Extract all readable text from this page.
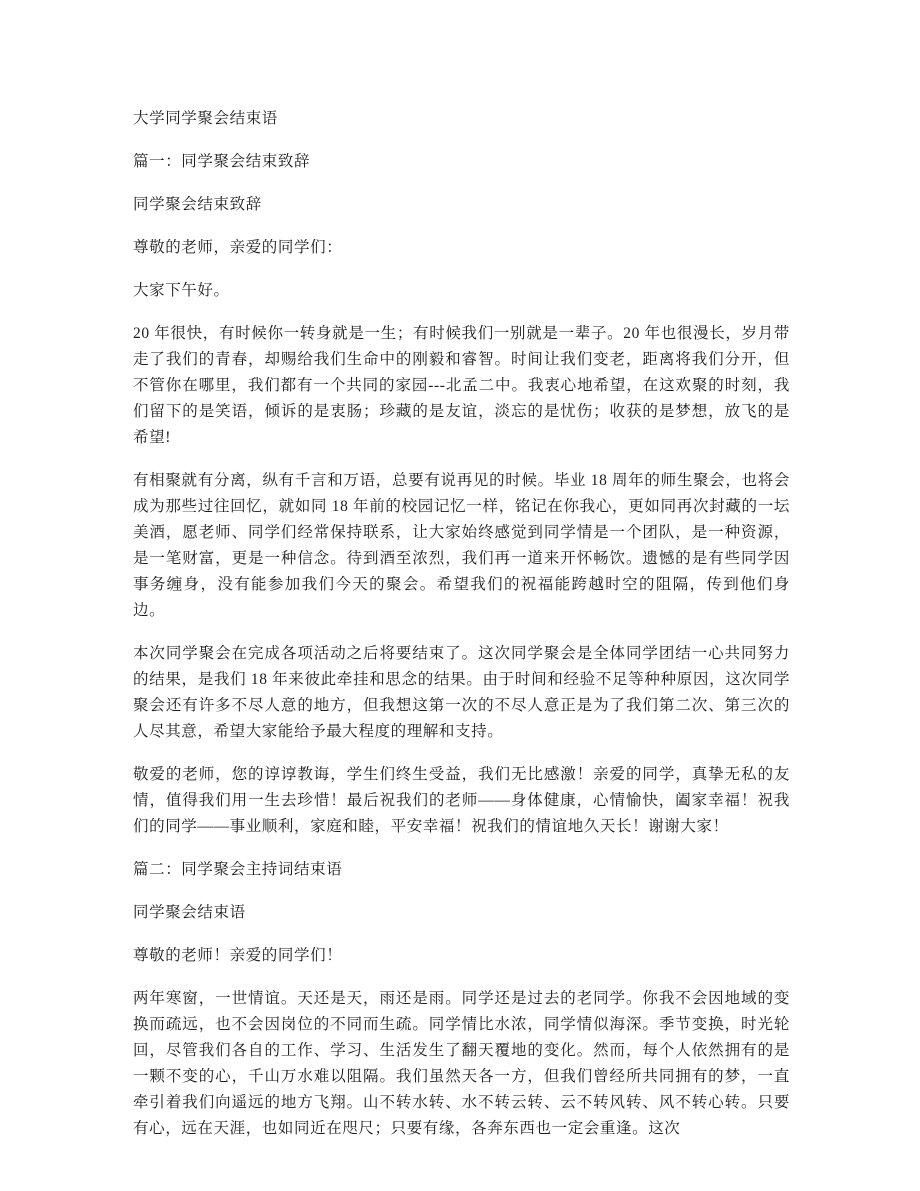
大学同学聚会结束语

篇一：同学聚会结束致辞

同学聚会结束致辞

尊敬的老师，亲爱的同学们：

大家下午好。

20 年很快，有时候你一转身就是一生；有时候我们一别就是一辈子。20 年也很漫长，岁月带走了我们的青春，却赐给我们生命中的刚毅和睿智。时间让我们变老，距离将我们分开，但不管你在哪里，我们都有一个共同的家园---北孟二中。我衷心地希望，在这欢聚的时刻，我们留下的是笑语，倾诉的是衷肠；珍藏的是友谊，淡忘的是忧伤；收获的是梦想，放飞的是希望!

有相聚就有分离，纵有千言和万语，总要有说再见的时候。毕业 18 周年的师生聚会，也将会成为那些过往回忆，就如同 18 年前的校园记忆一样，铭记在你我心，更如同再次封藏的一坛美酒，愿老师、同学们经常保持联系，让大家始终感觉到同学情是一个团队，是一种资源，是一笔财富，更是一种信念。待到酒至浓烈，我们再一道来开怀畅饮。遗憾的是有些同学因事务缠身，没有能参加我们今天的聚会。希望我们的祝福能跨越时空的阻隔，传到他们身边。

本次同学聚会在完成各项活动之后将要结束了。这次同学聚会是全体同学团结一心共同努力的结果，是我们 18 年来彼此牵挂和思念的结果。由于时间和经验不足等种种原因，这次同学聚会还有许多不尽人意的地方，但我想这第一次的不尽人意正是为了我们第二次、第三次的人尽其意，希望大家能给予最大程度的理解和支持。

敬爱的老师，您的谆谆教诲，学生们终生受益，我们无比感激！亲爱的同学，真挚无私的友情，值得我们用一生去珍惜！最后祝我们的老师——身体健康，心情愉快，阖家幸福！祝我们的同学——事业顺利，家庭和睦，平安幸福！祝我们的情谊地久天长！谢谢大家！

篇二：同学聚会主持词结束语

同学聚会结束语

尊敬的老师！亲爱的同学们！

两年寒窗，一世情谊。天还是天，雨还是雨。同学还是过去的老同学。你我不会因地域的变换而疏远，也不会因岗位的不同而生疏。同学情比水浓，同学情似海深。季节变换，时光轮回，尽管我们各自的工作、学习、生活发生了翻天覆地的变化。然而，每个人依然拥有的是一颗不变的心，千山万水难以阻隔。我们虽然天各一方，但我们曾经所共同拥有的梦，一直牵引着我们向遥远的地方飞翔。山不转水转、水不转云转、云不转风转、风不转心转。只要有心，远在天涯，也如同近在咫尺；只要有缘，各奔东西也一定会重逢。这次
